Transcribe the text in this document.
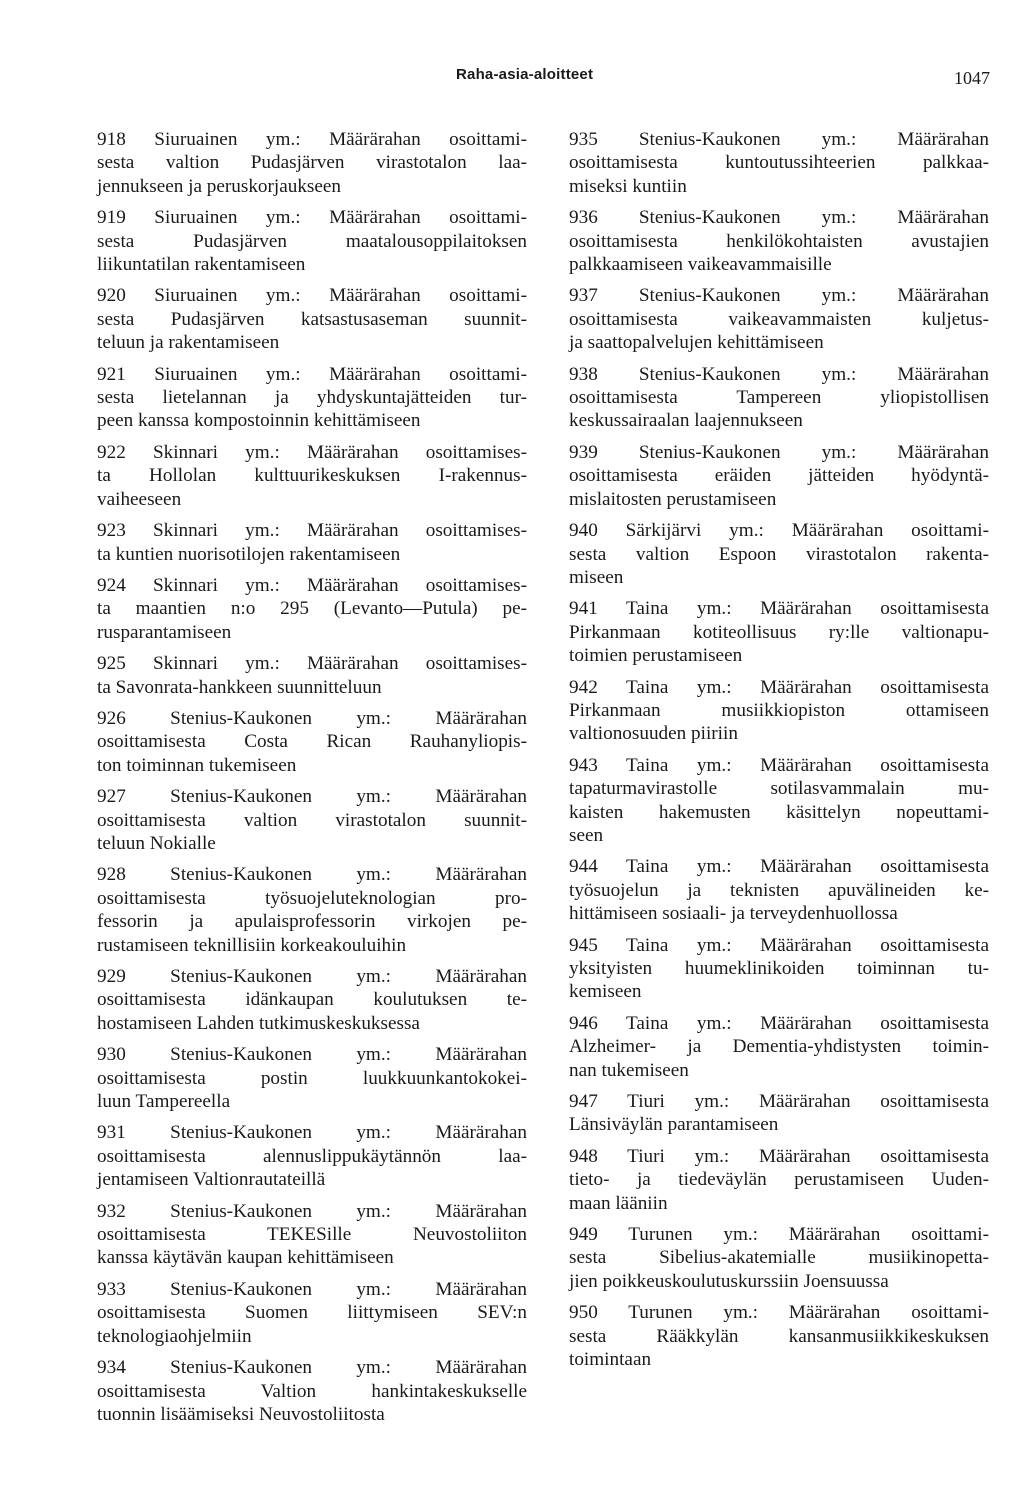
Raha-asia-aloitteet	1047
918 Siuruainen ym.: Määrärahan osoittami-
sesta valtion Pudasjärven virastotalon laa-
jennukseen ja peruskorjaukseen
919 Siuruainen ym.: Määrärahan osoittami-
sesta Pudasjärven maatalousoppilaitoksen
liikuntatilan rakentamiseen
920 Siuruainen ym.: Määrärahan osoittami-
sesta Pudasjärven katsastusaseman suunnit-
teluun ja rakentamiseen
921 Siuruainen ym.: Määrärahan osoittami-
sesta lietelannan ja yhdyskuntajätteiden tur-
peen kanssa kompostoinnin kehittämiseen
922 Skinnari ym.: Määrärahan osoittamises-
ta Hollolan kulttuurikeskuksen I-rakennus-
vaiheeseen
923 Skinnari ym.: Määrärahan osoittamises-
ta kuntien nuorisotilojen rakentamiseen
924 Skinnari ym.: Määrärahan osoittamises-
ta maantien n:o 295 (Levanto—Putula) pe-
rusparantamiseen
925 Skinnari ym.: Määrärahan osoittamises-
ta Savonrata-hankkeen suunnitteluun
926 Stenius-Kaukonen ym.: Määrärahan
osoittamisesta Costa Rican Rauhanyliopis-
ton toiminnan tukemiseen
927 Stenius-Kaukonen ym.: Määrärahan
osoittamisesta valtion virastotalon suunnit-
teluun Nokialle
928 Stenius-Kaukonen ym.: Määrärahan
osoittamisesta työsuojeluteknologian pro-
fessorin ja apulaisprofessorin virkojen pe-
rustamiseen teknillisiin korkeakouluihin
929 Stenius-Kaukonen ym.: Määrärahan
osoittamisesta idänkaupan koulutuksen te-
hostamiseen Lahden tutkimuskeskuksessa
930 Stenius-Kaukonen ym.: Määrärahan
osoittamisesta postin luukkuunkantokokei-
luun Tampereella
931 Stenius-Kaukonen ym.: Määrärahan
osoittamisesta alennuslippukäytännön laa-
jentamiseen Valtionrautateillä
932 Stenius-Kaukonen ym.: Määrärahan
osoittamisesta TEKESille Neuvostoliiton
kanssa käytävän kaupan kehittämiseen
933 Stenius-Kaukonen ym.: Määrärahan
osoittamisesta Suomen liittymiseen SEV:n
teknologiaohjelmiin
934 Stenius-Kaukonen ym.: Määrärahan
osoittamisesta Valtion hankintakeskukselle
tuonnin lisäämiseksi Neuvostoliitosta
935 Stenius-Kaukonen ym.: Määrärahan
osoittamisesta kuntoutussihteerien palkkaa-
miseksi kuntiin
936 Stenius-Kaukonen ym.: Määrärahan
osoittamisesta henkilökohtaisten avustajien
palkkaamiseen vaikeavammaisille
937 Stenius-Kaukonen ym.: Määrärahan
osoittamisesta vaikeavammaisten kuljetus-
ja saattopalvelujen kehittämiseen
938 Stenius-Kaukonen ym.: Määrärahan
osoittamisesta Tampereen yliopistollisen
keskussairaalan laajennukseen
939 Stenius-Kaukonen ym.: Määrärahan
osoittamisesta eräiden jätteiden hyödyntä-
mislaitosten perustamiseen
940 Särkijärvi ym.: Määrärahan osoittami-
sesta valtion Espoon virastotalon rakenta-
miseen
941 Taina ym.: Määrärahan osoittamisesta
Pirkanmaan kotiteollisuus ry:lle valtionapu-
toimien perustamiseen
942 Taina ym.: Määrärahan osoittamisesta
Pirkanmaan musiikkiopiston ottamiseen
valtionosuuden piiriin
943 Taina ym.: Määrärahan osoittamisesta
tapaturmavirastolle sotilasvammalain mu-
kaisten hakemusten käsittelyn nopeuttami-
seen
944 Taina ym.: Määrärahan osoittamisesta
työsuojelun ja teknisten apuvälineiden ke-
hittämiseen sosiaali- ja terveydenhuollossa
945 Taina ym.: Määrärahan osoittamisesta
yksityisten huumeklinikoiden toiminnan tu-
kemiseen
946 Taina ym.: Määrärahan osoittamisesta
Alzheimer- ja Dementia-yhdistysten toimin-
nan tukemiseen
947 Tiuri ym.: Määrärahan osoittamisesta
Länsiväylän parantamiseen
948 Tiuri ym.: Määrärahan osoittamisesta
tieto- ja tiedeväylän perustamiseen Uuden-
maan lääniin
949 Turunen ym.: Määrärahan osoittami-
sesta Sibelius-akatemialle musiikinopetta-
jien poikkeuskoulutuskurssiin Joensuussa
950 Turunen ym.: Määrärahan osoittami-
sesta Rääkkylän kansanmusiikkikeskuksen
toimintaan
